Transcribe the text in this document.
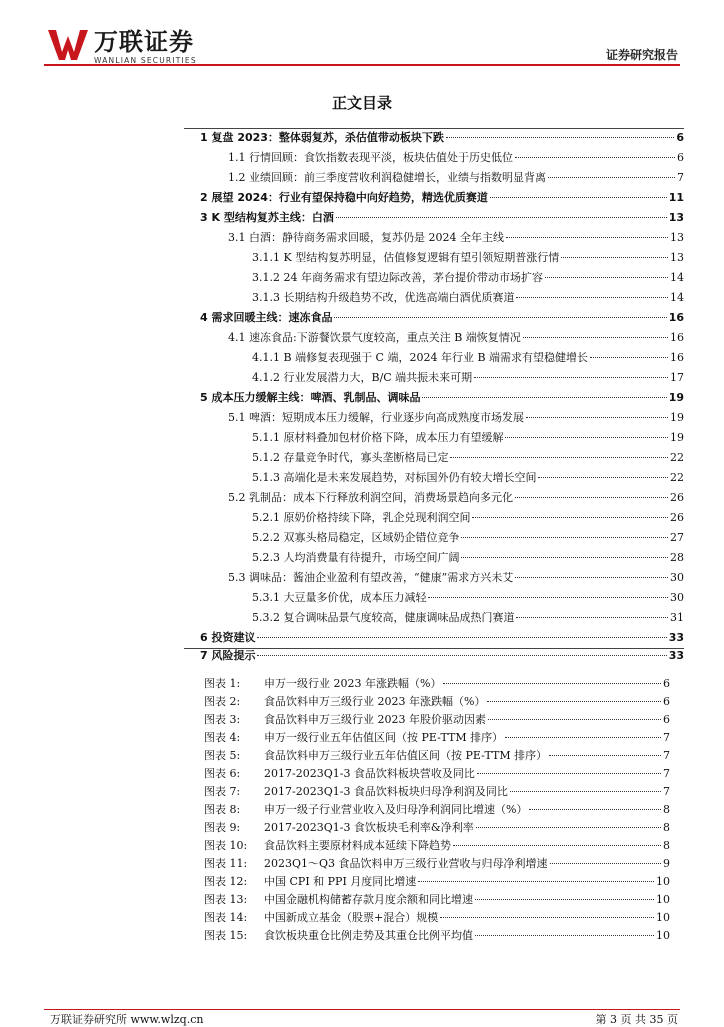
万联证券
WANLIAN SECURITIES	证券研究报告
正文目录
1 复盘 2023：整体弱复苏，杀估值带动板块下跌	6
1.1 行情回顾：食饮指数表现平淡，板块估值处于历史低位	6
1.2 业绩回顾：前三季度营收利润稳健增长，业绩与指数明显背离	7
2 展望 2024：行业有望保持稳中向好趋势，精选优质赛道	11
3 K 型结构复苏主线：白酒	13
3.1 白酒：静待商务需求回暖，复苏仍是 2024 全年主线	13
3.1.1 K 型结构复苏明显，估值修复逻辑有望引领短期普涨行情	13
3.1.2 24 年商务需求有望边际改善，茅台提价带动市场扩容	14
3.1.3 长期结构升级趋势不改，优选高端白酒优质赛道	14
4 需求回暖主线：速冻食品	16
4.1 速冻食品:下游餐饮景气度较高，重点关注 B 端恢复情况	16
4.1.1 B 端修复表现强于 C 端，2024 年行业 B 端需求有望稳健增长	16
4.1.2 行业发展潜力大，B/C 端共振未来可期	17
5 成本压力缓解主线：啤酒、乳制品、调味品	19
5.1 啤酒：短期成本压力缓解，行业逐步向高成熟度市场发展	19
5.1.1 原材料叠加包材价格下降，成本压力有望缓解	19
5.1.2 存量竞争时代，寡头垄断格局已定	22
5.1.3 高端化是未来发展趋势，对标国外仍有较大增长空间	22
5.2 乳制品：成本下行释放利润空间，消费场景趋向多元化	26
5.2.1 原奶价格持续下降，乳企兑现利润空间	26
5.2.2 双寡头格局稳定，区域奶企错位竞争	27
5.2.3 人均消费量有待提升，市场空间广阔	28
5.3 调味品：酱油企业盈利有望改善，“健康”需求方兴未艾	30
5.3.1 大豆量多价优，成本压力减轻	30
5.3.2 复合调味品景气度较高，健康调味品成热门赛道	31
6 投资建议	33
7 风险提示	33
图表 1:	申万一级行业 2023 年涨跌幅（%）	6
图表 2:	食品饮料申万三级行业 2023 年涨跌幅（%）	6
图表 3:	食品饮料申万三级行业 2023 年股价驱动因素	6
图表 4:	申万一级行业五年估值区间（按 PE-TTM 排序）	7
图表 5:	食品饮料申万三级行业五年估值区间（按 PE-TTM 排序）	7
图表 6:	2017-2023Q1-3 食品饮料板块营收及同比	7
图表 7:	2017-2023Q1-3 食品饮料板块归母净利润及同比	7
图表 8:	申万一级子行业营业收入及归母净利润同比增速（%）	8
图表 9:	2017-2023Q1-3 食饮板块毛利率&净利率	8
图表 10:	食品饮料主要原材料成本延续下降趋势	8
图表 11:	2023Q1～Q3 食品饮料申万三级行业营收与归母净利增速	9
图表 12:	中国 CPI 和 PPI 月度同比增速	10
图表 13:	中国金融机构储蓄存款月度余额和同比增速	10
图表 14:	中国新成立基金（股票+混合）规模	10
图表 15:	食饮板块重仓比例走势及其重仓比例平均值	10
万联证券研究所 www.wlzq.cn	第 3 页 共 35 页
